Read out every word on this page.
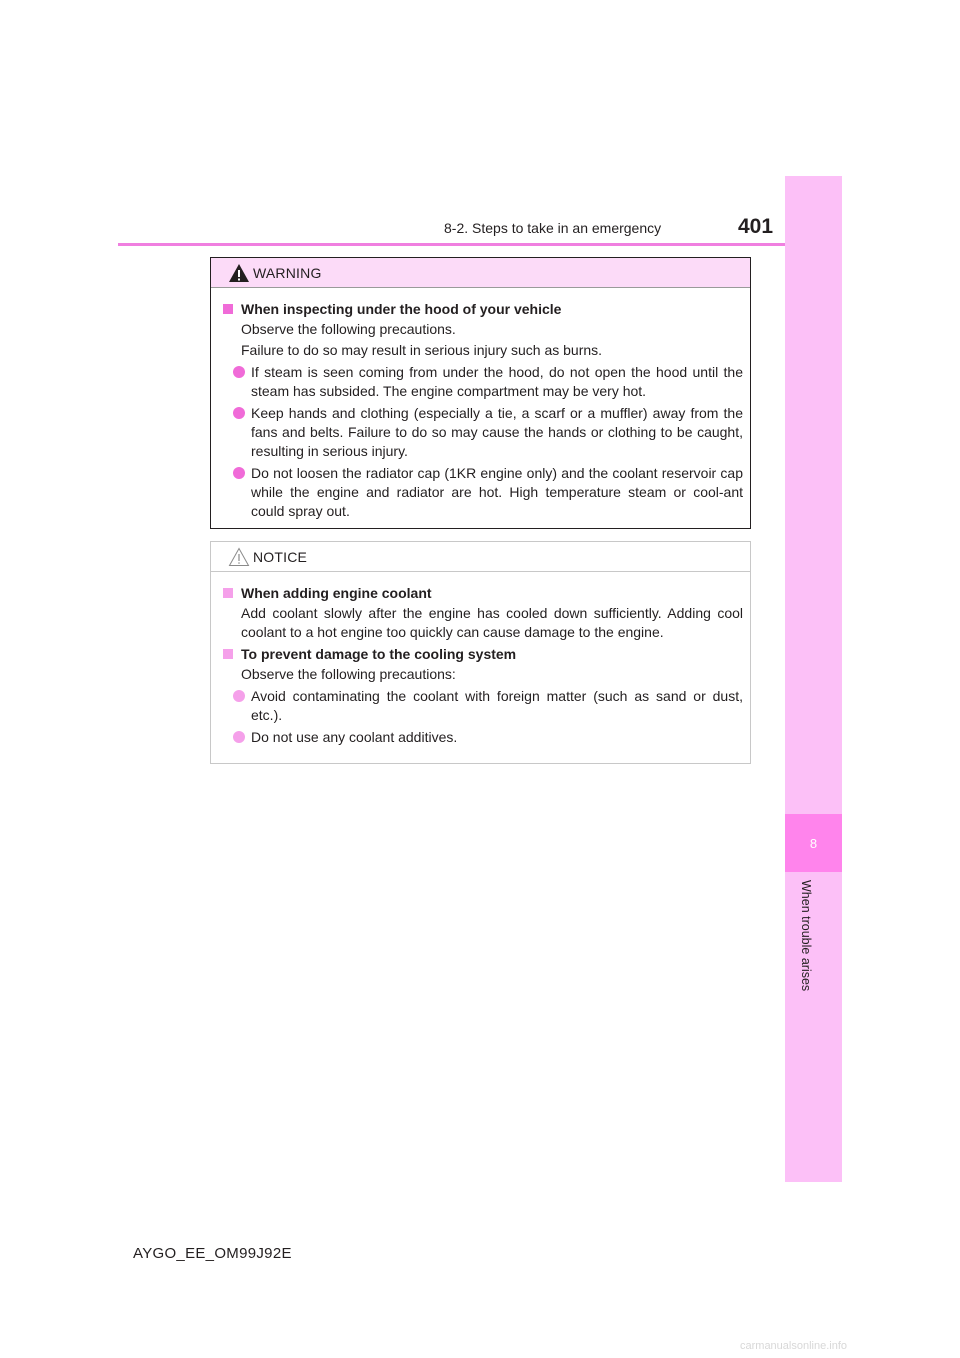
8-2. Steps to take in an emergency	401
8
When trouble arises
WARNING
When inspecting under the hood of your vehicle
Observe the following precautions.
Failure to do so may result in serious injury such as burns.
If steam is seen coming from under the hood, do not open the hood until the steam has subsided. The engine compartment may be very hot.
Keep hands and clothing (especially a tie, a scarf or a muffler) away from the fans and belts. Failure to do so may cause the hands or clothing to be caught, resulting in serious injury.
Do not loosen the radiator cap (1KR engine only) and the coolant reservoir cap while the engine and radiator are hot. High temperature steam or cool-ant could spray out.
NOTICE
When adding engine coolant
Add coolant slowly after the engine has cooled down sufficiently. Adding cool coolant to a hot engine too quickly can cause damage to the engine.
To prevent damage to the cooling system
Observe the following precautions:
Avoid contaminating the coolant with foreign matter (such as sand or dust, etc.).
Do not use any coolant additives.
AYGO_EE_OM99J92E
carmanualsonline.info
